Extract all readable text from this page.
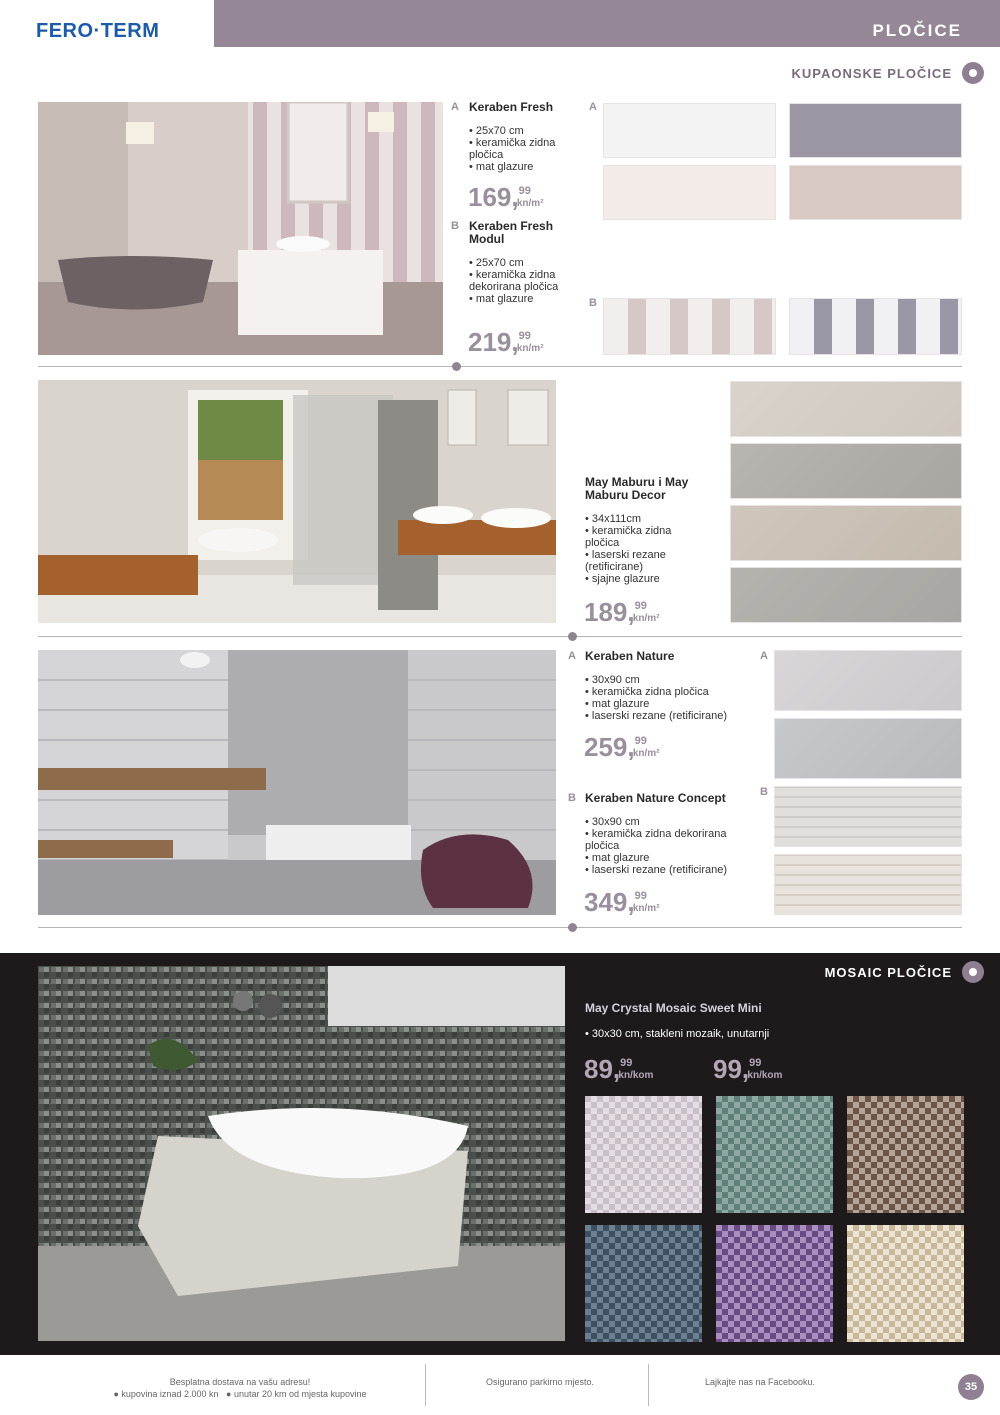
FERO·TERM	PLOČICE
KUPAONSKE PLOČICE
A Keraben Fresh
• 25x70 cm
• keramička zidna pločica
• mat glazure
169,99kn/m²
B Keraben Fresh Modul
• 25x70 cm
• keramička zidna dekorirana pločica
• mat glazure
219,99kn/m²
A
B
May Maburu i May Maburu Decor
• 34x111cm
• keramička zidna pločica
• laserski rezane (retificirane)
• sjajne glazure
189,99kn/m²
A Keraben Nature
• 30x90 cm
• keramička zidna pločica
• mat glazure
• laserski rezane (retificirane)
259,99kn/m²
B Keraben Nature Concept
• 30x90 cm
• keramička zidna dekorirana pločica
• mat glazure
• laserski rezane (retificirane)
349,99kn/m²
A
B
MOSAIC PLOČICE
May Crystal Mosaic Sweet Mini
• 30x30 cm, stakleni mozaik, unutarnji
89,99kn/kom	99,99kn/kom
Besplatna dostava na vašu adresu!
● kupovina iznad 2.000 kn   ● unutar 20 km od mjesta kupovine
Osigurano parkirno mjesto.	Lajkajte nas na Facebooku.	35
